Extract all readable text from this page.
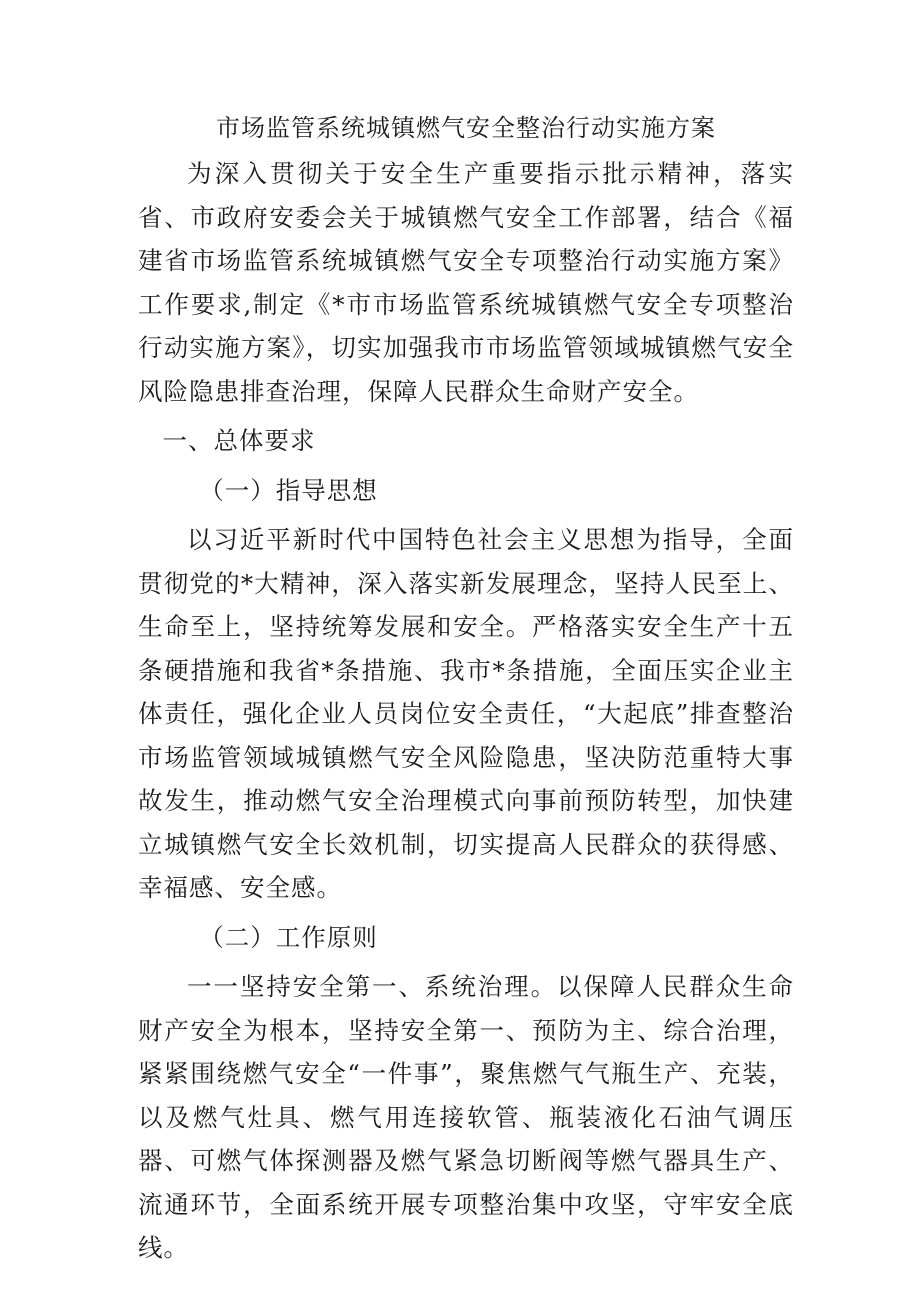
市场监管系统城镇燃气安全整治行动实施方案

为深入贯彻关于安全生产重要指示批示精神，落实省、市政府安委会关于城镇燃气安全工作部署，结合《福建省市场监管系统城镇燃气安全专项整治行动实施方案》工作要求,制定《*市市场监管系统城镇燃气安全专项整治行动实施方案》，切实加强我市市场监管领域城镇燃气安全风险隐患排查治理，保障人民群众生命财产安全。

一、总体要求
（一）指导思想

以习近平新时代中国特色社会主义思想为指导，全面贯彻党的*大精神，深入落实新发展理念，坚持人民至上、生命至上，坚持统筹发展和安全。严格落实安全生产十五条硬措施和我省*条措施、我市*条措施，全面压实企业主体责任，强化企业人员岗位安全责任，“大起底”排查整治市场监管领域城镇燃气安全风险隐患，坚决防范重特大事故发生，推动燃气安全治理模式向事前预防转型，加快建立城镇燃气安全长效机制，切实提高人民群众的获得感、幸福感、安全感。

（二）工作原则

一一坚持安全第一、系统治理。以保障人民群众生命财产安全为根本，坚持安全第一、预防为主、综合治理，紧紧围绕燃气安全“一件事”，聚焦燃气气瓶生产、充装，以及燃气灶具、燃气用连接软管、瓶装液化石油气调压器、可燃气体探测器及燃气紧急切断阀等燃气器具生产、流通环节，全面系统开展专项整治集中攻坚，守牢安全底线。
